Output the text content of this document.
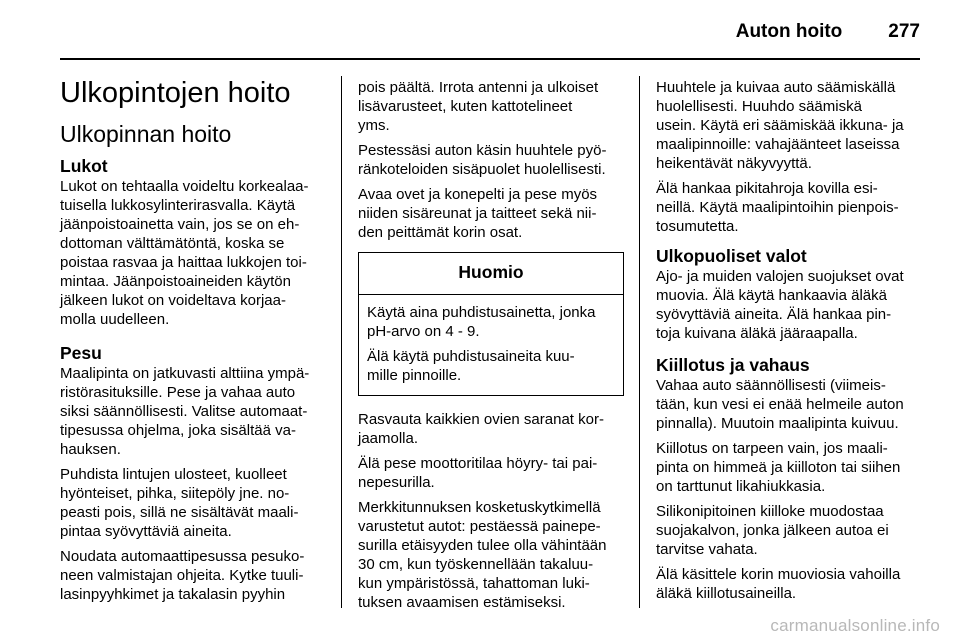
Auton hoito 277
Ulkopintojen hoito
Ulkopinnan hoito
Lukot

Lukot on tehtaalla voideltu korkealaa-
tuisella lukkosylinterirasvalla. Käytä
jäänpoistoainetta vain, jos se on eh-
dottoman välttämätöntä, koska se
poistaa rasvaa ja haittaa lukkojen toi-
mintaa. Jäänpoistoaineiden käytön
jälkeen lukot on voideltava korjaa-
molla uudelleen.

Pesu

Maalipinta on jatkuvasti alttiina ympä-
ristörasituksille. Pese ja vahaa auto
siksi säännöllisesti. Valitse automaat-
tipesussa ohjelma, joka sisältää va-
hauksen.

Puhdista lintujen ulosteet, kuolleet
hyönteiset, pihka, siitepöly jne. no-
peasti pois, sillä ne sisältävät maali-
pintaa syövyttäviä aineita.

Noudata automaattipesussa pesuko-
neen valmistajan ohjeita. Kytke tuuli-
lasinpyyhkimet ja takalasin pyyhin

pois päältä. Irrota antenni ja ulkoiset
lisävarusteet, kuten kattotelineet
yms.

Pestessäsi auton käsin huuhtele pyö-
ränkoteloiden sisäpuolet huolellisesti.

Avaa ovet ja konepelti ja pese myös
niiden sisäreunat ja taitteet sekä nii-
den peittämät korin osat.

Huomio

Käytä aina puhdistusainetta, jonka
pH-arvo on 4 - 9.

Älä käytä puhdistusaineita kuu-
mille pinnoille.

Rasvauta kaikkien ovien saranat kor-
jaamolla.

Älä pese moottoritilaa höyry- tai pai-
nepesurilla.

Merkkitunnuksen kosketuskytkimellä
varustetut autot: pestäessä painepe-
surilla etäisyyden tulee olla vähintään
30 cm, kun työskennellään takaluu-
kun ympäristössä, tahattoman luki-
tuksen avaamisen estämiseksi.

Huuhtele ja kuivaa auto säämiskällä
huolellisesti. Huuhdo säämiskä
usein. Käytä eri säämiskää ikkuna- ja
maalipinnoille: vahajäänteet laseissa
heikentävät näkyvyyttä.

Älä hankaa pikitahroja kovilla esi-
neillä. Käytä maalipintoihin pienpois-
tosumutetta.

Ulkopuoliset valot

Ajo- ja muiden valojen suojukset ovat
muovia. Älä käytä hankaavia äläkä
syövyttäviä aineita. Älä hankaa pin-
toja kuivana äläkä jääraapalla.

Kiillotus ja vahaus

Vahaa auto säännöllisesti (viimeis-
tään, kun vesi ei enää helmeile auton
pinnalla). Muutoin maalipinta kuivuu.

Kiillotus on tarpeen vain, jos maali-
pinta on himmeä ja kiilloton tai siihen
on tarttunut likahiukkasia.

Silikonipitoinen kiilloke muodostaa
suojakalvon, jonka jälkeen autoa ei
tarvitse vahata.

Älä käsittele korin muoviosia vahoilla
äläkä kiillotusaineilla.

carmanualsonline.info
